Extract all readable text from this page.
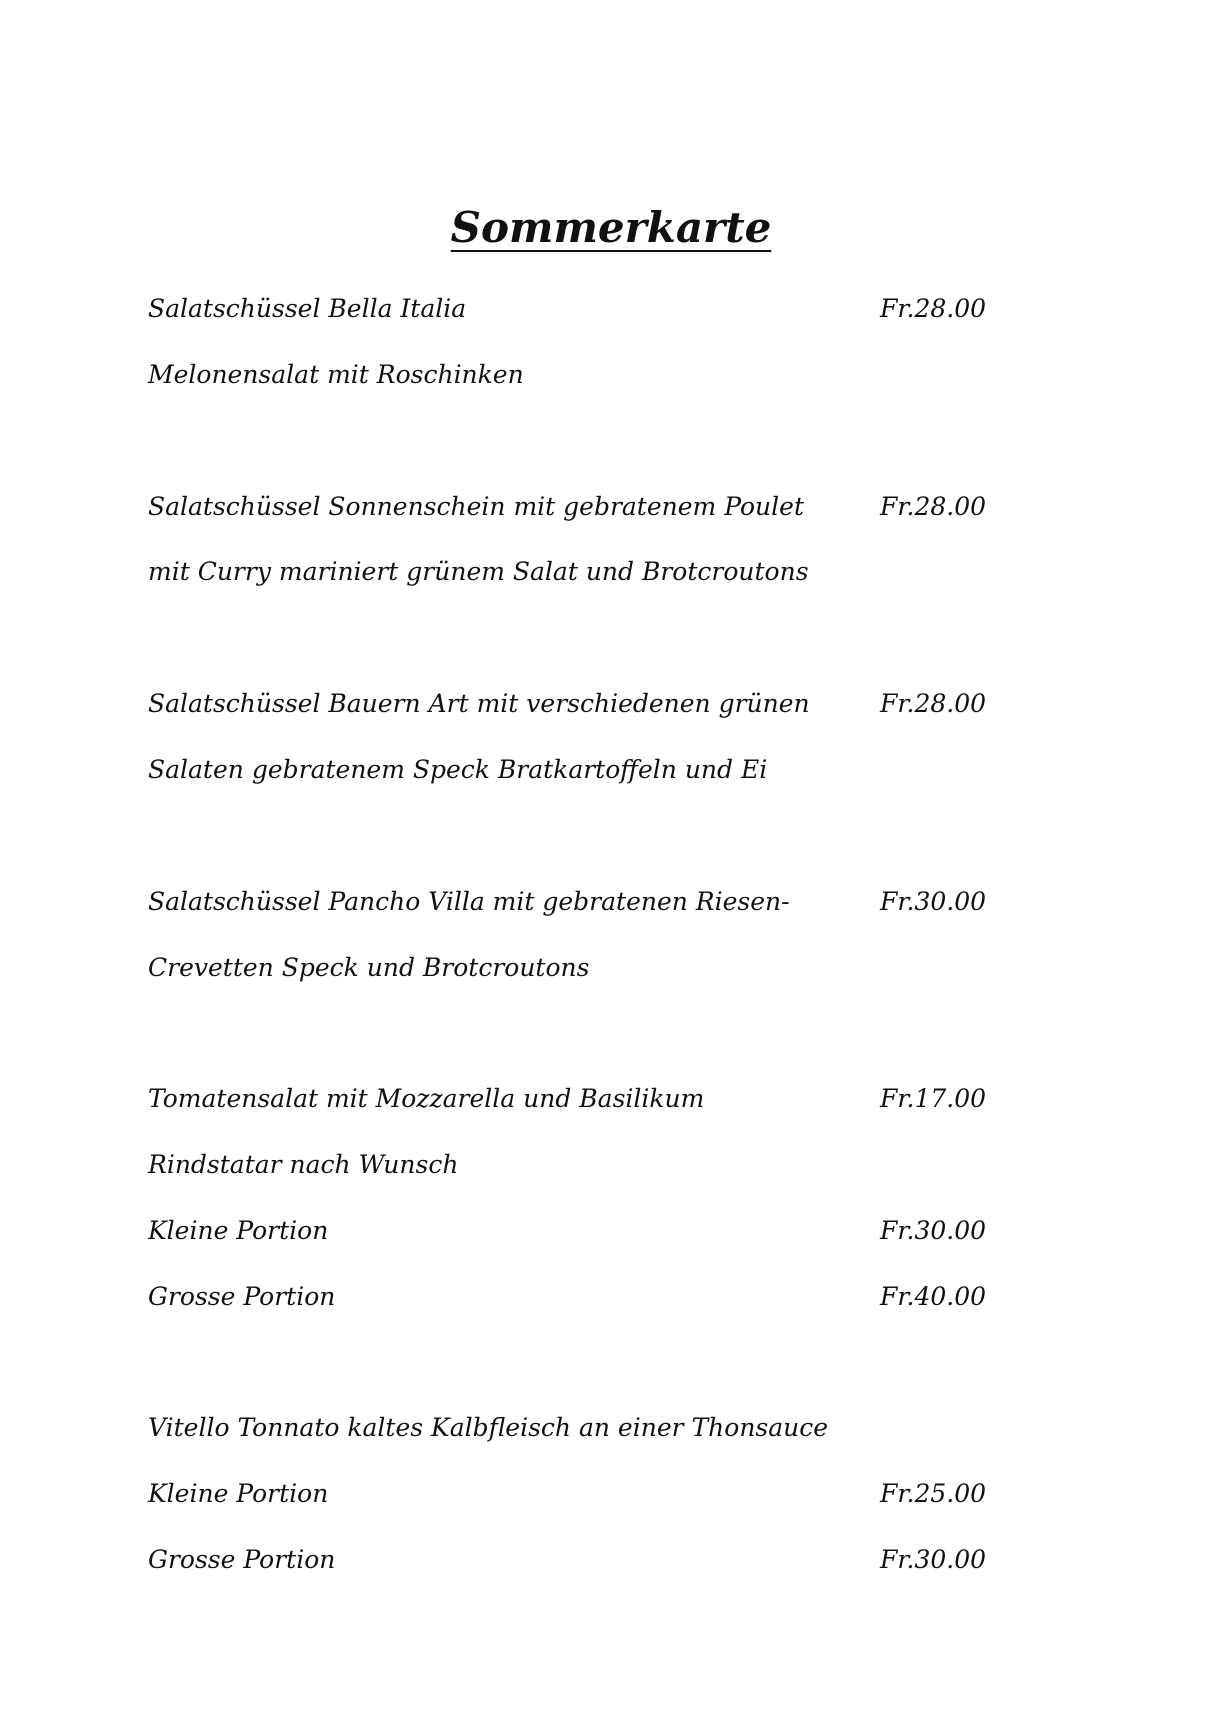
Sommerkarte
Salatschüssel Bella Italia	Fr.28.00
Melonensalat mit Roschinken
Salatschüssel Sonnenschein mit gebratenem Poulet	Fr.28.00
mit Curry mariniert grünem Salat und Brotcroutons
Salatschüssel Bauern Art mit verschiedenen grünen	Fr.28.00
Salaten gebratenem Speck Bratkartoffeln und Ei
Salatschüssel Pancho Villa mit gebratenen Riesen-	Fr.30.00
Crevetten Speck und Brotcroutons
Tomatensalat mit Mozzarella und Basilikum	Fr.17.00
Rindstatar nach Wunsch
Kleine Portion	Fr.30.00
Grosse Portion	Fr.40.00
Vitello Tonnato kaltes Kalbfleisch an einer Thonsauce
Kleine Portion	Fr.25.00
Grosse Portion	Fr.30.00
